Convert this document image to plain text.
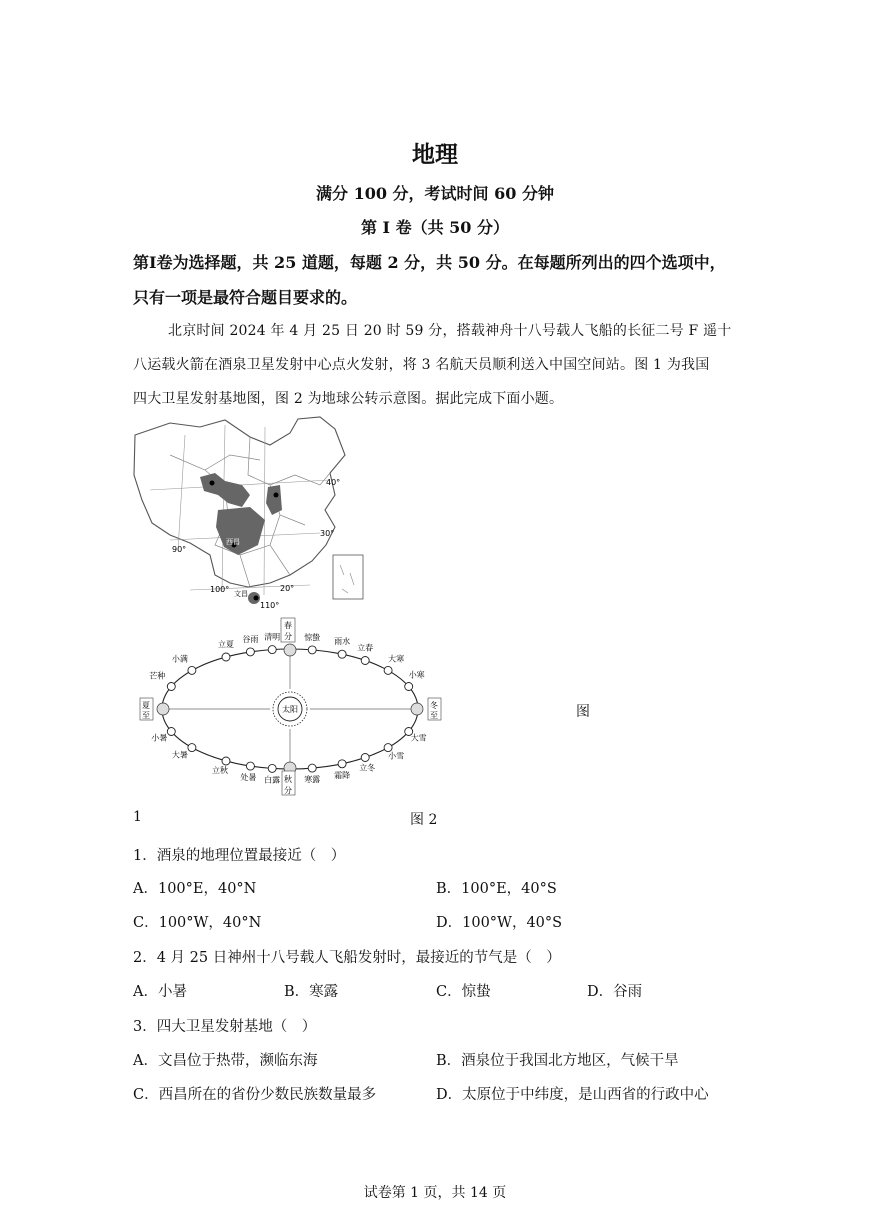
地理
满分 100 分，考试时间 60 分钟
第 I 卷（共 50 分）
第Ⅰ卷为选择题，共 25 道题，每题 2 分，共 50 分。在每题所列出的四个选项中，
只有一项是最符合题目要求的。
北京时间 2024 年 4 月 25 日 20 时 59 分，搭载神舟十八号载人飞船的长征二号 F 遥十
八运载火箭在酒泉卫星发射中心点火发射，将 3 名航天员顺利送入中国空间站。图 1 为我国
四大卫星发射基地图，图 2 为地球公转示意图。据此完成下面小题。
40°
30°
20°
90°
100°
110°
西昌
文昌
太阳
春
分
夏
至
秋
分
冬
至
立夏
谷雨 清明	惊蛰 雨水
立春
大寒
小寒
大雪
小雪
立冬
霜降
寒露
白露
处暑
立秋
大暑
小暑
芒种
小满
图
1	图 2
1．酒泉的地理位置最接近（　）
A．100°E，40°N	B．100°E，40°S
C．100°W，40°N	D．100°W，40°S
2．4 月 25 日神州十八号载人飞船发射时，最接近的节气是（　）
A．小暑	B．寒露	C．惊蛰	D．谷雨
3．四大卫星发射基地（　）
A．文昌位于热带，濒临东海	B．酒泉位于我国北方地区，气候干旱
C．西昌所在的省份少数民族数量最多	D．太原位于中纬度，是山西省的行政中心
试卷第 1 页，共 14 页
